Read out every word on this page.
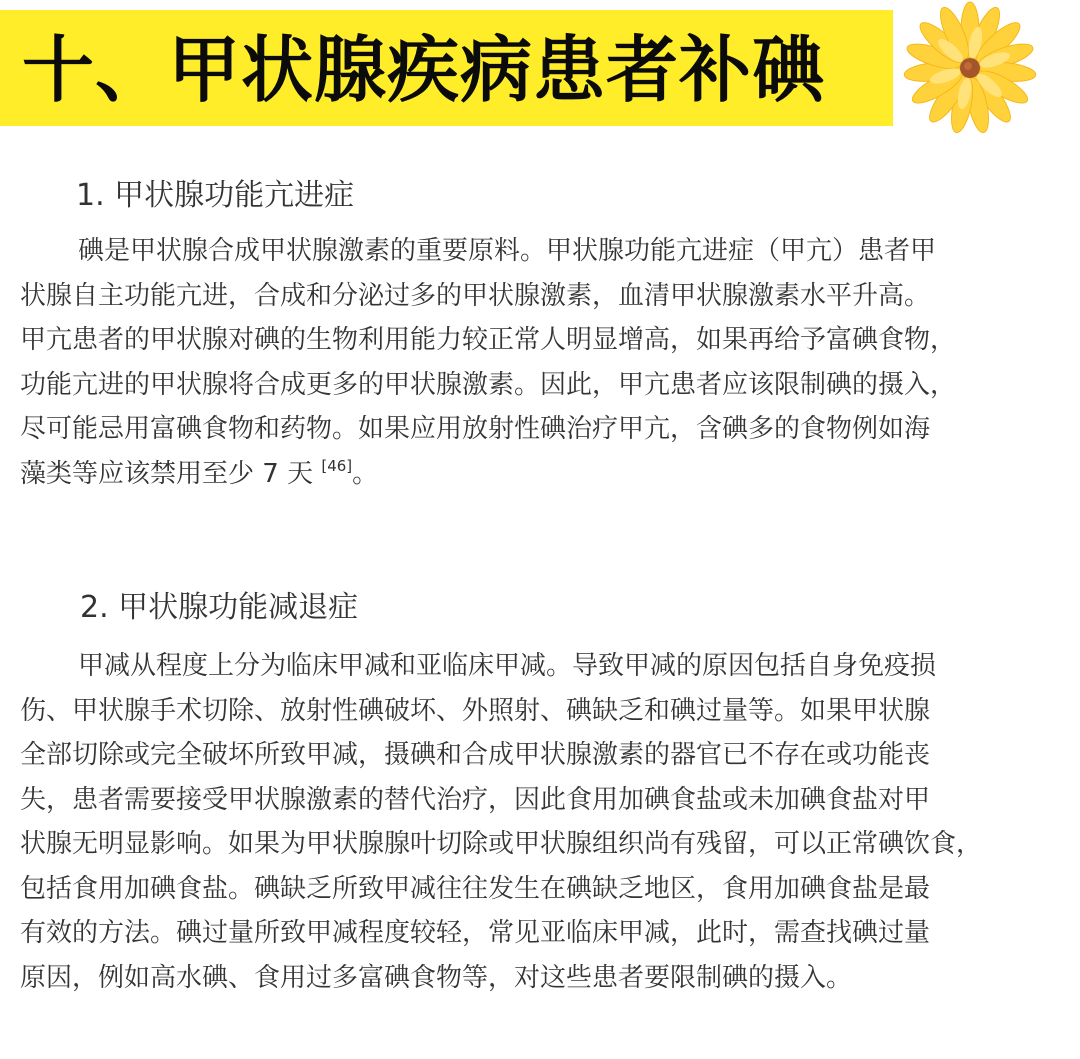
十、甲状腺疾病患者补碘
1. 甲状腺功能亢进症
碘是甲状腺合成甲状腺激素的重要原料。甲状腺功能亢进症（甲亢）患者甲
状腺自主功能亢进，合成和分泌过多的甲状腺激素，血清甲状腺激素水平升高。
甲亢患者的甲状腺对碘的生物利用能力较正常人明显增高，如果再给予富碘食物，
功能亢进的甲状腺将合成更多的甲状腺激素。因此，甲亢患者应该限制碘的摄入，
尽可能忌用富碘食物和药物。如果应用放射性碘治疗甲亢，含碘多的食物例如海
藻类等应该禁用至少 7 天 [46]。
2. 甲状腺功能减退症
甲减从程度上分为临床甲减和亚临床甲减。导致甲减的原因包括自身免疫损
伤、甲状腺手术切除、放射性碘破坏、外照射、碘缺乏和碘过量等。如果甲状腺
全部切除或完全破坏所致甲减，摄碘和合成甲状腺激素的器官已不存在或功能丧
失，患者需要接受甲状腺激素的替代治疗，因此食用加碘食盐或未加碘食盐对甲
状腺无明显影响。如果为甲状腺腺叶切除或甲状腺组织尚有残留，可以正常碘饮食，
包括食用加碘食盐。碘缺乏所致甲减往往发生在碘缺乏地区，食用加碘食盐是最
有效的方法。碘过量所致甲减程度较轻，常见亚临床甲减，此时，需查找碘过量
原因，例如高水碘、食用过多富碘食物等，对这些患者要限制碘的摄入。
